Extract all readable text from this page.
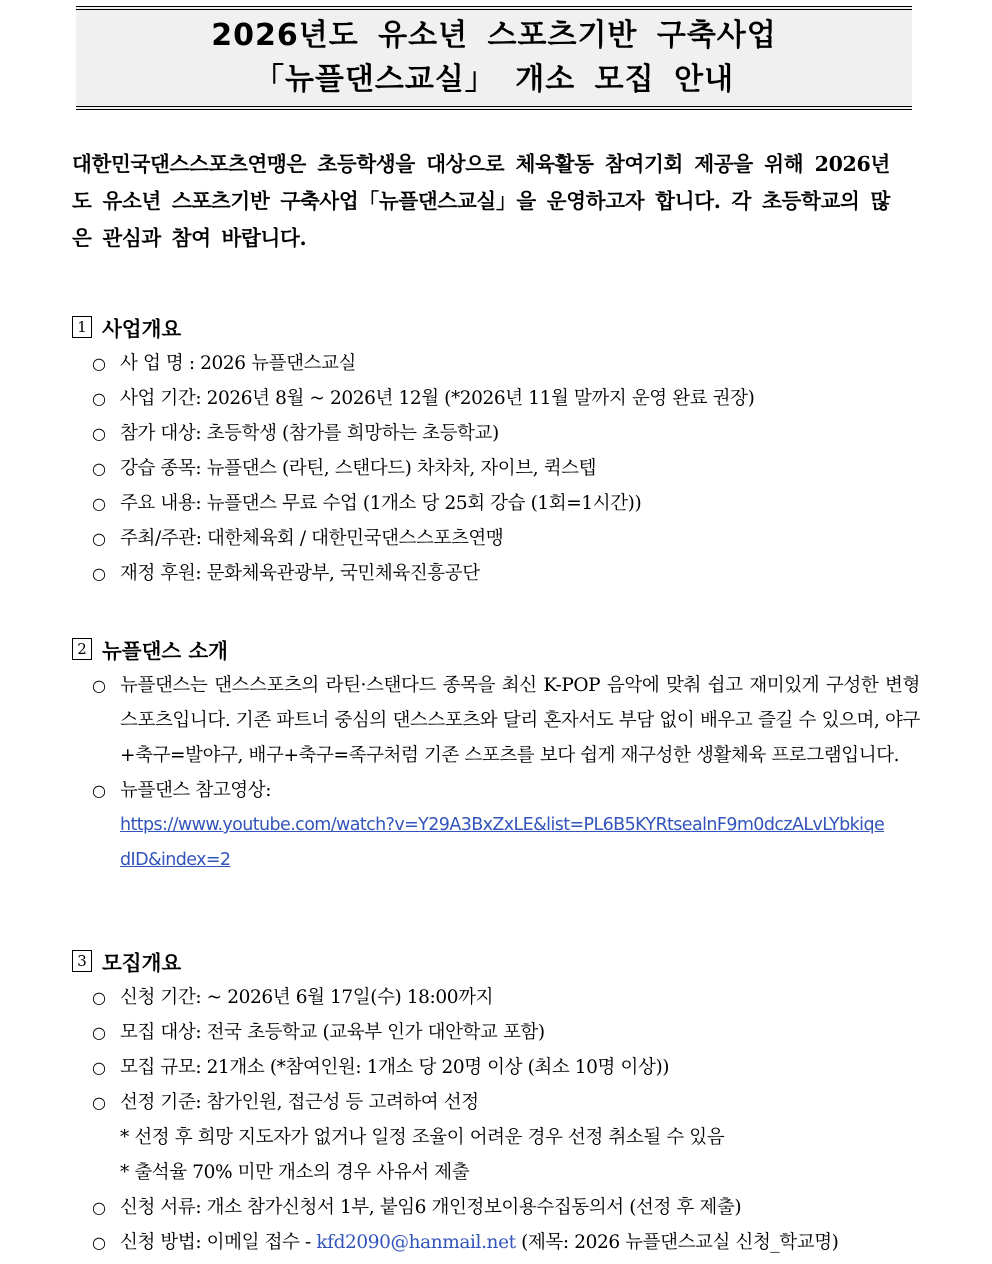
2026년도 유소년 스포츠기반 구축사업
「뉴플댄스교실」 개소 모집 안내
대한민국댄스스포츠연맹은 초등학생을 대상으로 체육활동 참여기회 제공을 위해 2026년도 유소년 스포츠기반 구축사업「뉴플댄스교실」을 운영하고자 합니다. 각 초등학교의 많은 관심과 참여 바랍니다.
1 사업개요
○ 사 업 명 : 2026 뉴플댄스교실
○ 사업 기간: 2026년 8월 ~ 2026년 12월 (*2026년 11월 말까지 운영 완료 권장)
○ 참가 대상: 초등학생 (참가를 희망하는 초등학교)
○ 강습 종목: 뉴플댄스 (라틴, 스탠다드) 차차차, 자이브, 퀵스텝
○ 주요 내용: 뉴플댄스 무료 수업 (1개소 당 25회 강습 (1회=1시간))
○ 주최/주관: 대한체육회 / 대한민국댄스스포츠연맹
○ 재정 후원: 문화체육관광부, 국민체육진흥공단
2 뉴플댄스 소개
○ 뉴플댄스는 댄스스포츠의 라틴·스탠다드 종목을 최신 K-POP 음악에 맞춰 쉽고 재미있게 구성한 변형 스포츠입니다. 기존 파트너 중심의 댄스스포츠와 달리 혼자서도 부담 없이 배우고 즐길 수 있으며, 야구+축구=발야구, 배구+축구=족구처럼 기존 스포츠를 보다 쉽게 재구성한 생활체육 프로그램입니다.
○ 뉴플댄스 참고영상:
https://www.youtube.com/watch?v=Y29A3BxZxLE&list=PL6B5KYRtsealnF9m0dczALvLYbkiqe
dID&index=2
3 모집개요
○ 신청 기간: ~ 2026년 6월 17일(수) 18:00까지
○ 모집 대상: 전국 초등학교 (교육부 인가 대안학교 포함)
○ 모집 규모: 21개소 (*참여인원: 1개소 당 20명 이상 (최소 10명 이상))
○ 선정 기준: 참가인원, 접근성 등 고려하여 선정
* 선정 후 희망 지도자가 없거나 일정 조율이 어려운 경우 선정 취소될 수 있음
* 출석율 70% 미만 개소의 경우 사유서 제출
○ 신청 서류: 개소 참가신청서 1부, 붙임6 개인정보이용수집동의서 (선정 후 제출)
○ 신청 방법: 이메일 접수 - kfd2090@hanmail.net (제목: 2026 뉴플댄스교실 신청_학교명)
